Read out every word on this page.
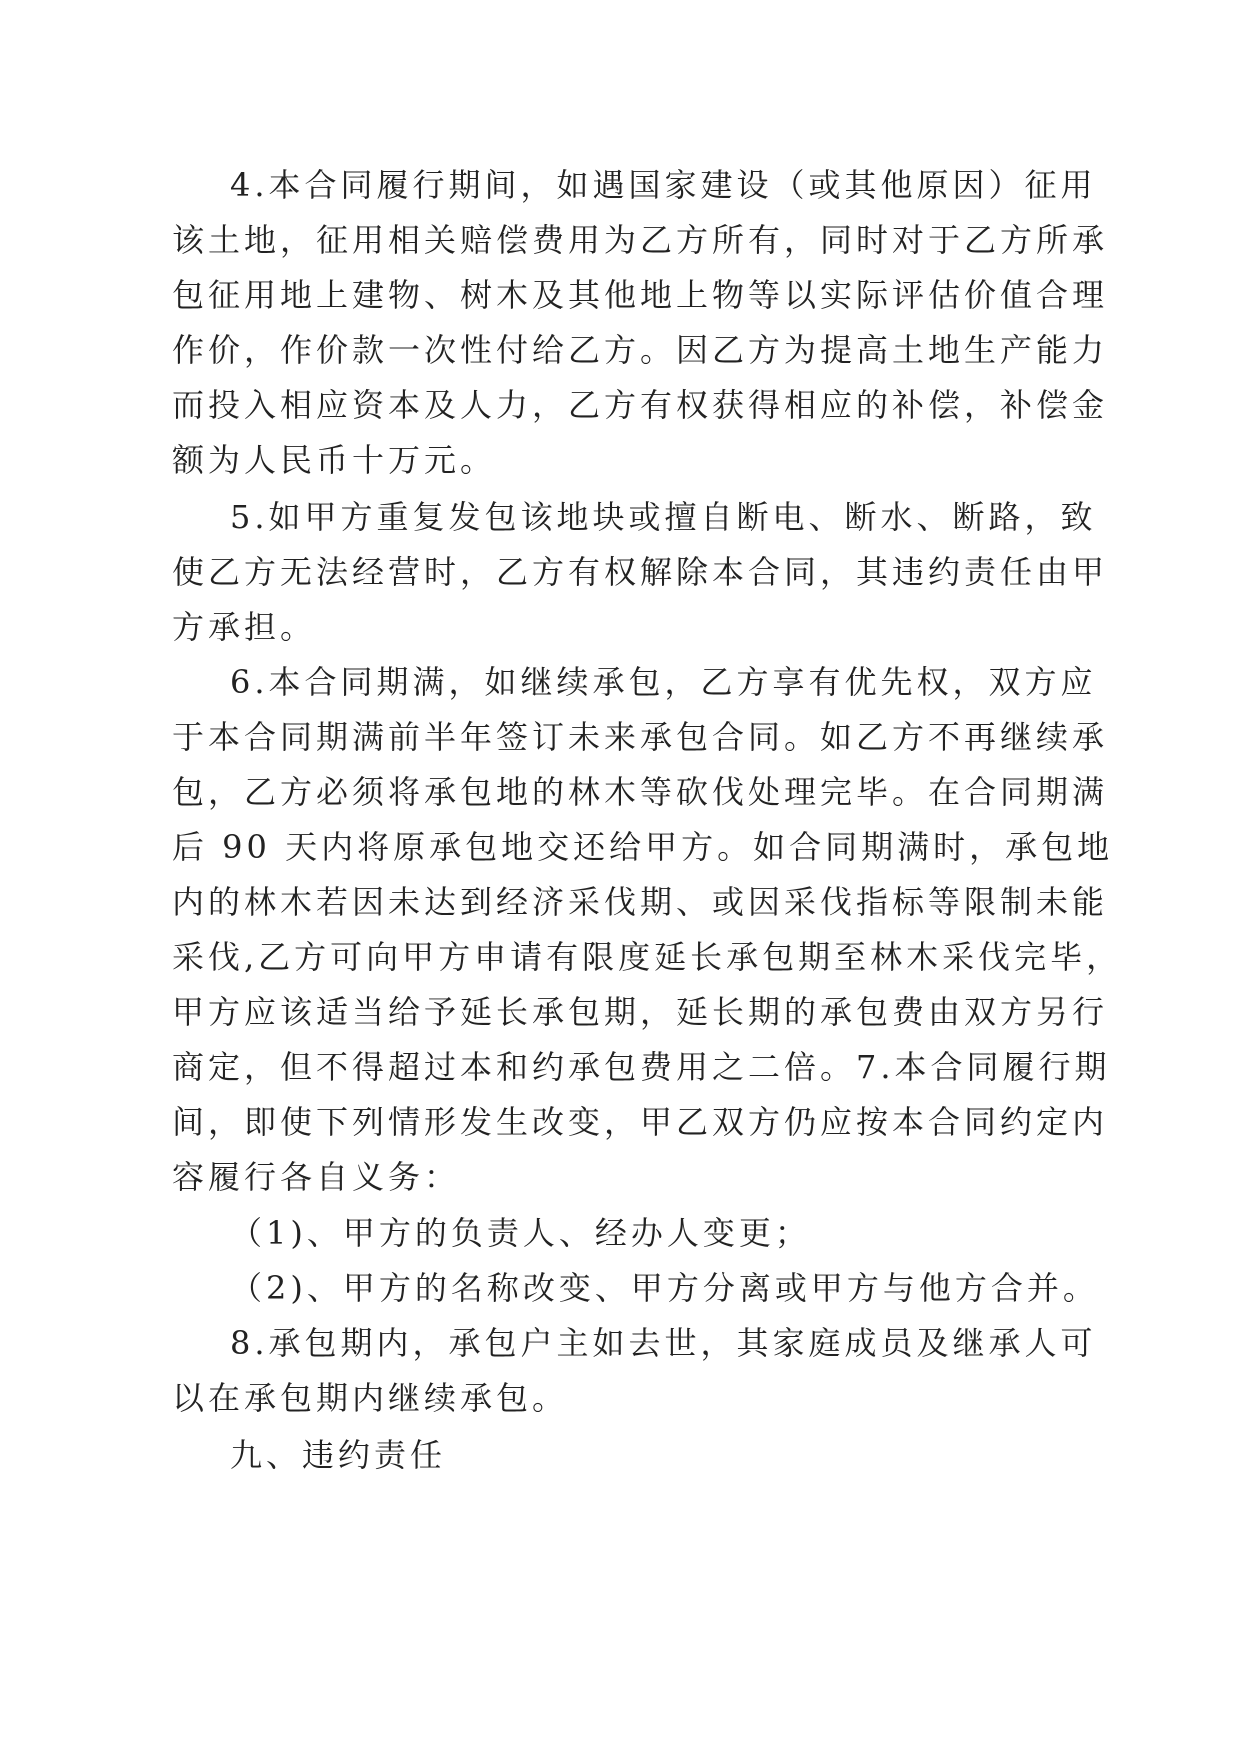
4.本合同履行期间，如遇国家建设（或其他原因）征用
该土地，征用相关赔偿费用为乙方所有，同时对于乙方所承
包征用地上建物、树木及其他地上物等以实际评估价值合理
作价，作价款一次性付给乙方。因乙方为提高土地生产能力
而投入相应资本及人力，乙方有权获得相应的补偿，补偿金
额为人民币十万元。
5.如甲方重复发包该地块或擅自断电、断水、断路，致
使乙方无法经营时，乙方有权解除本合同，其违约责任由甲
方承担。
6.本合同期满，如继续承包，乙方享有优先权，双方应
于本合同期满前半年签订未来承包合同。如乙方不再继续承
包，乙方必须将承包地的林木等砍伐处理完毕。在合同期满
后 90 天内将原承包地交还给甲方。如合同期满时，承包地
内的林木若因未达到经济采伐期、或因采伐指标等限制未能
采伐,乙方可向甲方申请有限度延长承包期至林木采伐完毕，
甲方应该适当给予延长承包期，延长期的承包费由双方另行
商定，但不得超过本和约承包费用之二倍。7.本合同履行期
间，即使下列情形发生改变，甲乙双方仍应按本合同约定内
容履行各自义务：
（1)、甲方的负责人、经办人变更；
（2)、甲方的名称改变、甲方分离或甲方与他方合并。
8.承包期内，承包户主如去世，其家庭成员及继承人可
以在承包期内继续承包。
九、违约责任
